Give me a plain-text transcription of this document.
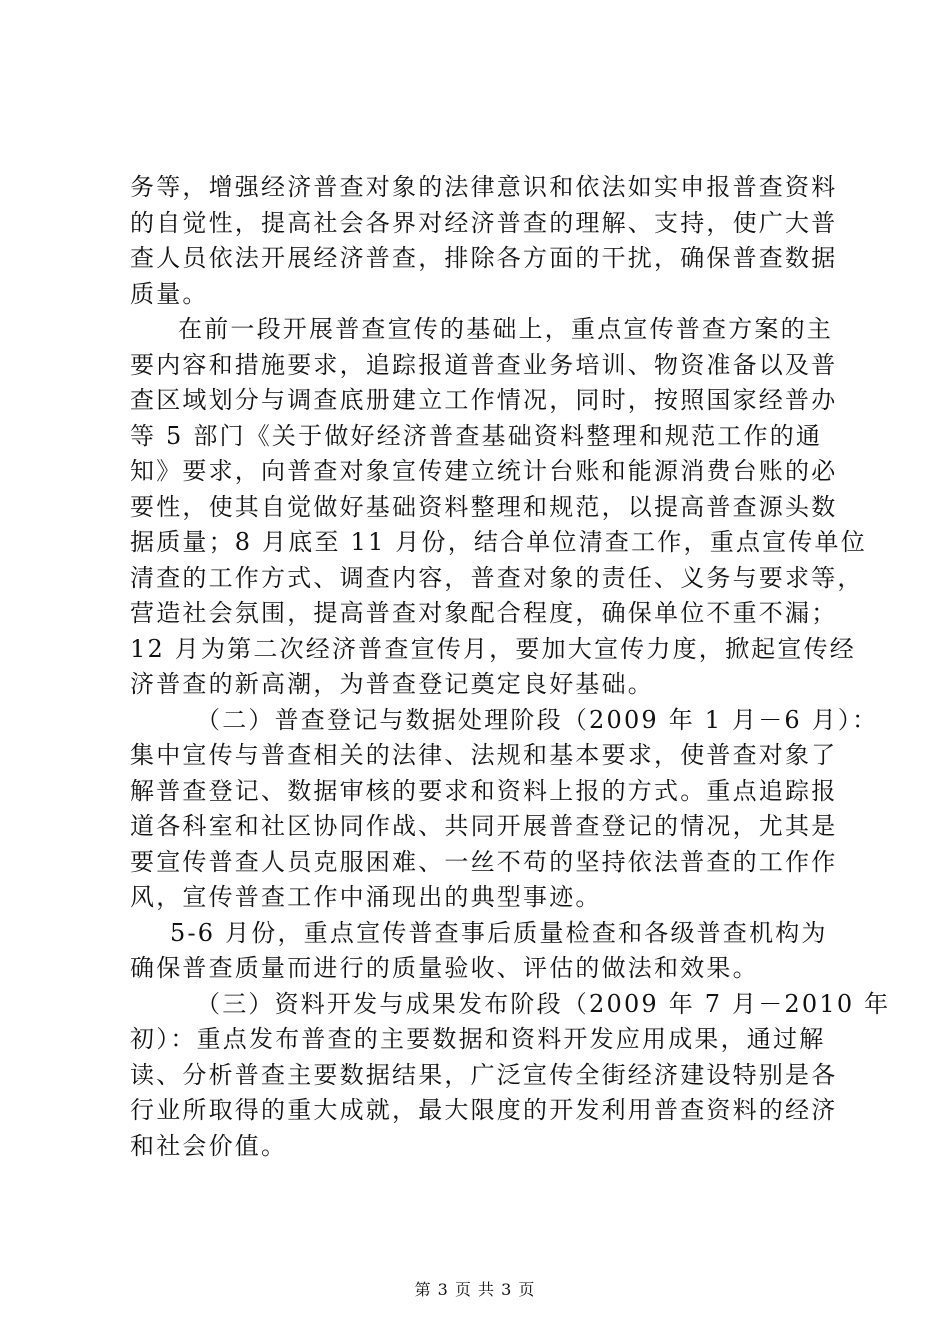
务等，增强经济普查对象的法律意识和依法如实申报普查资料
的自觉性，提高社会各界对经济普查的理解、支持，使广大普
查人员依法开展经济普查，排除各方面的干扰，确保普查数据
质量。
在前一段开展普查宣传的基础上，重点宣传普查方案的主
要内容和措施要求，追踪报道普查业务培训、物资准备以及普
查区域划分与调查底册建立工作情况，同时，按照国家经普办
等 5 部门《关于做好经济普查基础资料整理和规范工作的通
知》要求，向普查对象宣传建立统计台账和能源消费台账的必
要性，使其自觉做好基础资料整理和规范，以提高普查源头数
据质量；8 月底至 11 月份，结合单位清查工作，重点宣传单位
清查的工作方式、调查内容，普查对象的责任、义务与要求等，
营造社会氛围，提高普查对象配合程度，确保单位不重不漏；
12 月为第二次经济普查宣传月，要加大宣传力度，掀起宣传经
济普查的新高潮，为普查登记奠定良好基础。
（二）普查登记与数据处理阶段（2009 年 1 月－6 月）：
集中宣传与普查相关的法律、法规和基本要求，使普查对象了
解普查登记、数据审核的要求和资料上报的方式。重点追踪报
道各科室和社区协同作战、共同开展普查登记的情况，尤其是
要宣传普查人员克服困难、一丝不苟的坚持依法普查的工作作
风，宣传普查工作中涌现出的典型事迹。
5-6 月份，重点宣传普查事后质量检查和各级普查机构为
确保普查质量而进行的质量验收、评估的做法和效果。
（三）资料开发与成果发布阶段（2009 年 7 月－2010 年
初）：重点发布普查的主要数据和资料开发应用成果，通过解
读、分析普查主要数据结果，广泛宣传全街经济建设特别是各
行业所取得的重大成就，最大限度的开发利用普查资料的经济
和社会价值。
第 3 页 共 3 页
